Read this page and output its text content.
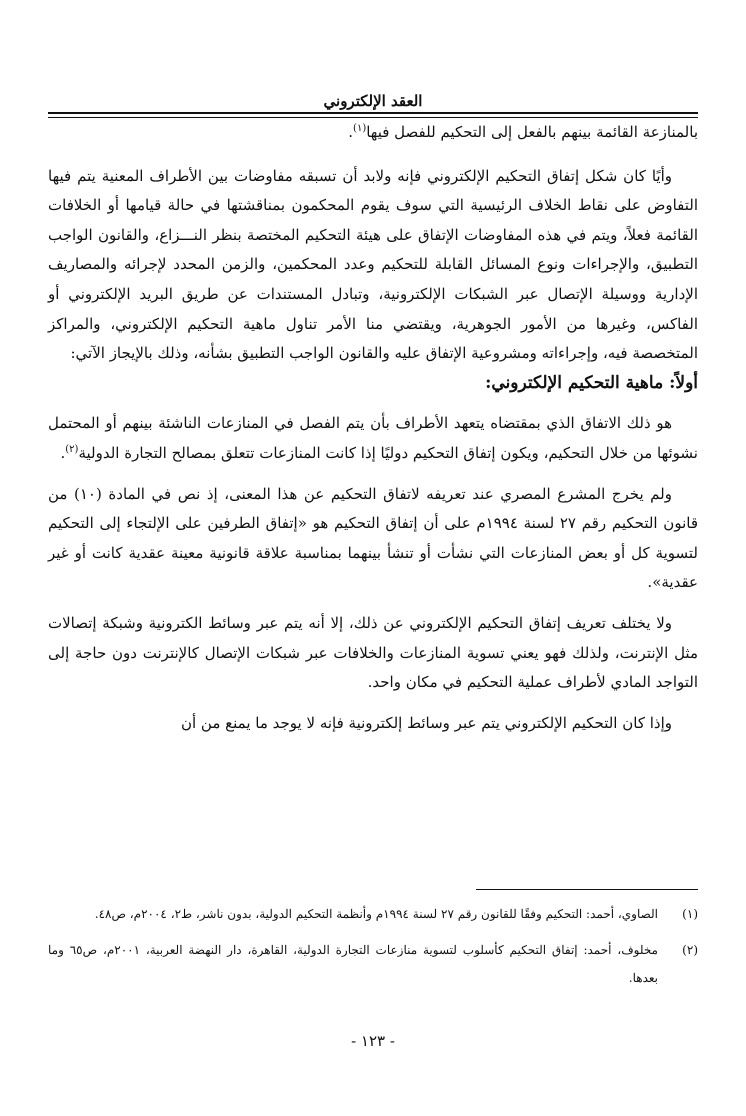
العقد الإلكتروني

بالمنازعة القائمة بينهم بالفعل إلى التحكيم للفصل فيها$^{(١)}$.

وأيًا كان شكل إتفاق التحكيم الإلكتروني فإنه ولابد أن تسبقه مفاوضات بين الأطراف المعنية يتم فيها التفاوض على نقاط الخلاف الرئيسية التي سوف يقوم المحكمون بمناقشتها في حالة قيامها أو الخلافات القائمة فعلاً، ويتم في هذه المفاوضات الإتفاق على هيئة التحكيم المختصة بنظر النـــزاع، والقانون الواجب التطبيق، والإجراءات ونوع المسائل القابلة للتحكيم وعدد المحكمين، والزمن المحدد لإجرائه والمصاريف الإدارية ووسيلة الإتصال عبر الشبكات الإلكترونية، وتبادل المستندات عن طريق البريد الإلكتروني أو الفاكس، وغيرها من الأمور الجوهرية، ويقتضي منا الأمر تناول ماهية التحكيم الإلكتروني، والمراكز المتخصصة فيه، وإجراءاته ومشروعية الإتفاق عليه والقانون الواجب التطبيق بشأنه، وذلك بالإيجاز الآتي:

أولاً: ماهية التحكيم الإلكتروني:

هو ذلك الاتفاق الذي بمقتضاه يتعهد الأطراف بأن يتم الفصل في المنازعات الناشئة بينهم أو المحتمل نشوئها من خلال التحكيم، ويكون إتفاق التحكيم دوليًا إذا كانت المنازعات تتعلق بمصالح التجارة الدولية$^{(٢)}$.

ولم يخرج المشرع المصري عند تعريفه لاتفاق التحكيم عن هذا المعنى، إذ نص في المادة (١٠) من قانون التحكيم رقم ٢٧ لسنة ١٩٩٤م على أن إتفاق التحكيم هو «إتفاق الطرفين على الإلتجاء إلى التحكيم لتسوية كل أو بعض المنازعات التي نشأت أو تنشأ بينهما بمناسبة علاقة قانونية معينة عقدية كانت أو غير عقدية».

ولا يختلف تعريف إتفاق التحكيم الإلكتروني عن ذلك، إلا أنه يتم عبر وسائط الكترونية وشبكة إتصالات مثل الإنترنت، ولذلك فهو يعني تسوية المنازعات والخلافات عبر شبكات الإتصال كالإنترنت دون حاجة إلى التواجد المادي لأطراف عملية التحكيم في مكان واحد.

وإذا كان التحكيم الإلكتروني يتم عبر وسائط إلكترونية فإنه لا يوجد ما يمنع من أن

(١)
الصاوي، أحمد: التحكيم وفقًا للقانون رقم ٢٧ لسنة ١٩٩٤م وأنظمة التحكيم الدولية، بدون ناشر، ط٢، ٢٠٠٤م، ص٤٨.
(٢)
مخلوف، أحمد: إتفاق التحكيم كأسلوب لتسوية منازعات التجارة الدولية، القاهرة، دار النهضة العربية، ٢٠٠١م، ص٦٥ وما بعدها.
- ١٢٣ -
